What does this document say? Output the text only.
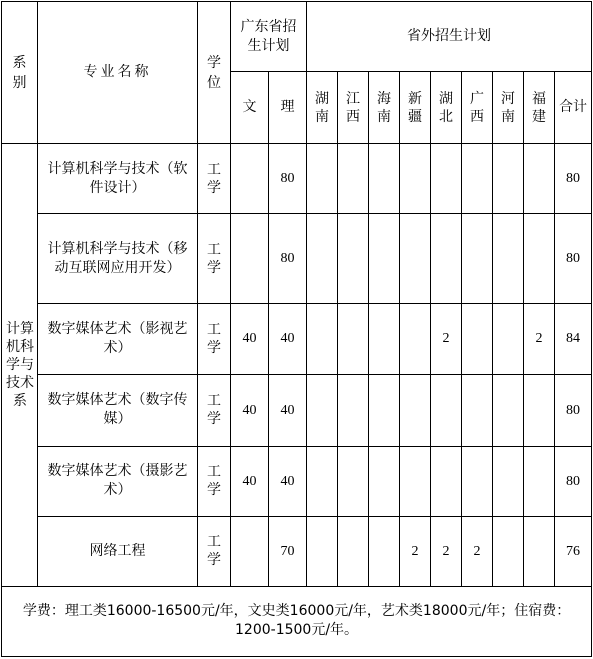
系别	专业名称	学位	广东省招生计划		省外招生计划								
			文	理	湖南	江西	海南	新疆	湖北	广西	河南	福建	合计

计算机科学与技术系	计算机科学与技术（软件设计）	工学		80									80
	计算机科学与技术（移动互联网应用开发）	工学		80									80
	数字媒体艺术（影视艺术）	工学	40	40					2			2	84
	数字媒体艺术（数字传媒）	工学	40	40									80
	数字媒体艺术（摄影艺术）	工学	40	40									80
	网络工程	工学		70				2	2	2			76
学费：理工类16000-16500元/年，文史类16000元/年，艺术类18000元/年；住宿费：
1200-1500元/年。													
